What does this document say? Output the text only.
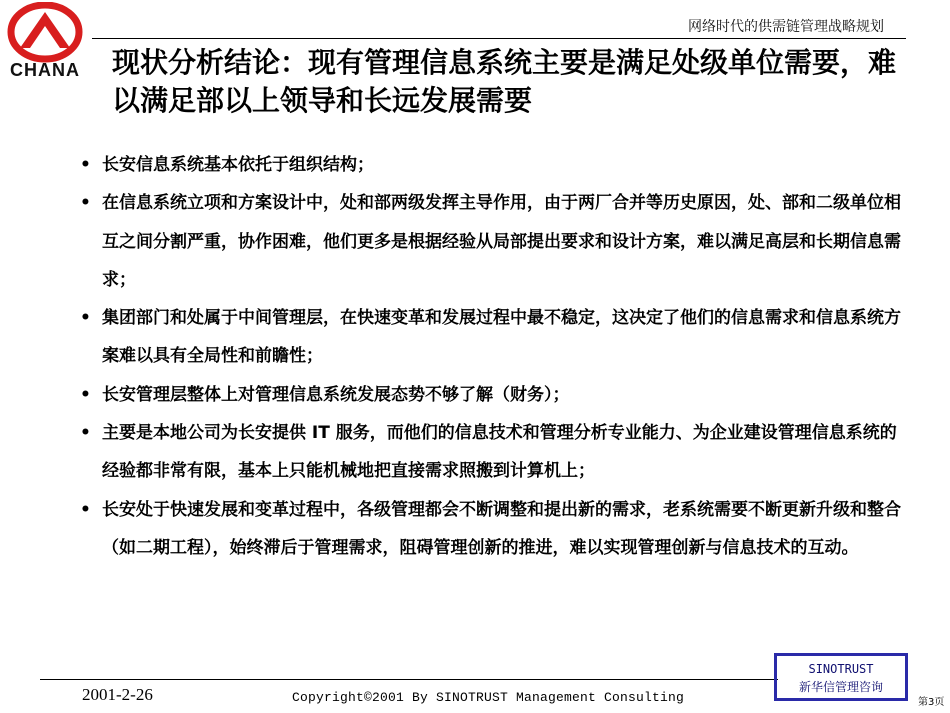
CHANA
网络时代的供需链管理战略规划
现状分析结论：现有管理信息系统主要是满足处级单位需要，难以满足部以上领导和长远发展需要
• 长安信息系统基本依托于组织结构；
• 在信息系统立项和方案设计中，处和部两级发挥主导作用，由于两厂合并等历史原因，处、部和二级单位相互之间分割严重，协作困难，他们更多是根据经验从局部提出要求和设计方案，难以满足高层和长期信息需求；
• 集团部门和处属于中间管理层，在快速变革和发展过程中最不稳定，这决定了他们的信息需求和信息系统方案难以具有全局性和前瞻性；
• 长安管理层整体上对管理信息系统发展态势不够了解（财务）；
• 主要是本地公司为长安提供 IT 服务，而他们的信息技术和管理分析专业能力、为企业建设管理信息系统的经验都非常有限，基本上只能机械地把直接需求照搬到计算机上；
• 长安处于快速发展和变革过程中，各级管理都会不断调整和提出新的需求，老系统需要不断更新升级和整合（如二期工程），始终滞后于管理需求，阻碍管理创新的推进，难以实现管理创新与信息技术的互动。
2001-2-26	Copyright©2001 By SINOTRUST Management Consulting
SINOTRUST
新华信管理咨询
第3页
